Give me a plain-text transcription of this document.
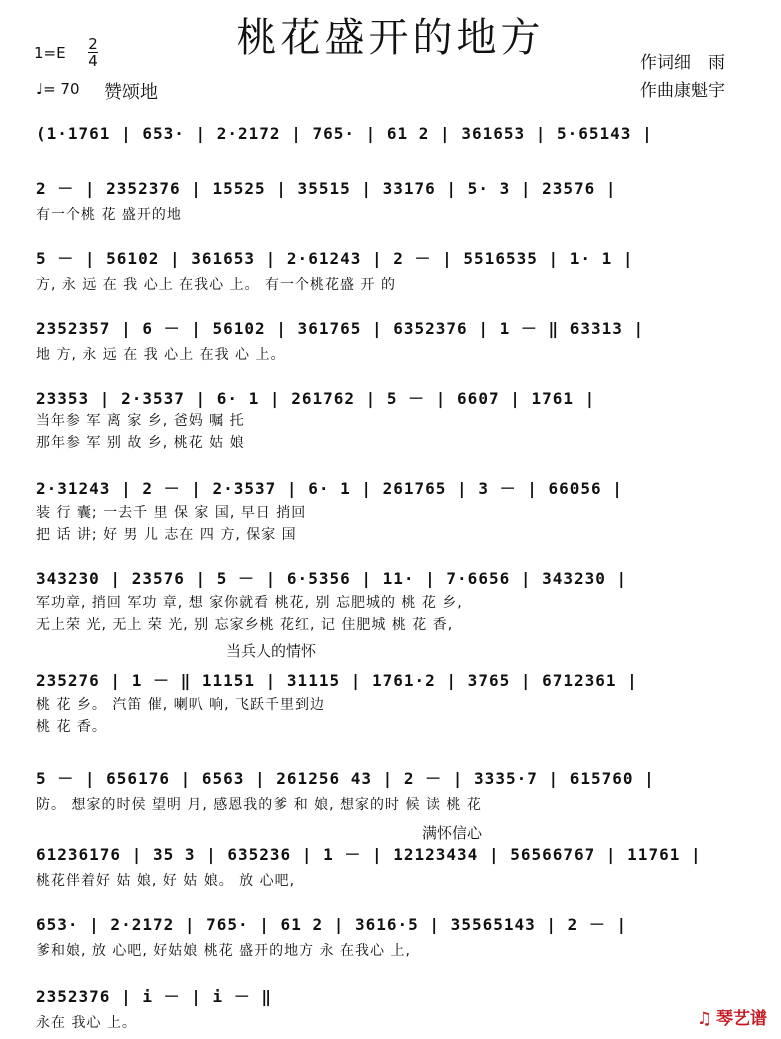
桃花盛开的地方
1=E 2
4
♩= 70 赞颂地
作词细　雨
作曲康魁宇
当兵人的情怀
满怀信心
(1·1761 | 653· | 2·2172 | 765· | 61 2 | 361653 | 5·65143 |
2 － | 2352376 | 15525 | 35515 | 33176 | 5· 3 | 23576 |
有一个桃 花 盛开的地
5 － | 56102 | 361653 | 2·61243 | 2 － | 5516535 | 1· 1 |
方, 永 远 在 我 心上 在我心 上。 有一个桃花盛 开 的
2352357 | 6 － | 56102 | 361765 | 6352376 | 1 － ‖ 63313 |
地 方, 永 远 在 我 心上 在我 心 上。
23353 | 2·3537 | 6· 1 | 261762 | 5 － | 6607 | 1761 |
当年参 军 离 家 乡, 爸妈 嘱 托
那年参 军 别 故 乡, 桃花 姑 娘
2·31243 | 2 － | 2·3537 | 6· 1 | 261765 | 3 － | 66056 |
装 行 囊; 一去千 里 保 家 国, 早日 捎回
把 话 讲; 好 男 儿 志在 四 方, 保家 国
343230 | 23576 | 5 － | 6·5356 | 11· | 7·6656 | 343230 |
军功章, 捎回 军功 章, 想 家你就看 桃花, 别 忘肥城的 桃 花 乡,
无上荣 光, 无上 荣 光, 别 忘家乡桃 花红, 记 住肥城 桃 花 香,
235276 | 1 － ‖ 11151 | 31115 | 1761·2 | 3765 | 6712361 |
桃 花 乡。 汽笛 催, 喇叭 响, 飞跃千里到边
桃 花 香。
5 － | 656176 | 6563 | 261256 43 | 2 － | 3335·7 | 615760 |
防。 想家的时侯 望明 月, 感恩我的爹 和 娘, 想家的时 候 读 桃 花
61236176 | 35 3 | 635236 | 1 － | 12123434 | 56566767 | 11761 |
桃花伴着好 姑 娘, 好 姑 娘。 放 心吧,
653· | 2·2172 | 765· | 61 2 | 3616·5 | 35565143 | 2 － |
爹和娘, 放 心吧, 好姑娘 桃花 盛开的地方 永 在我心 上,
2352376 | i － | i － ‖
永在 我心 上。	♫ 琴艺谱
